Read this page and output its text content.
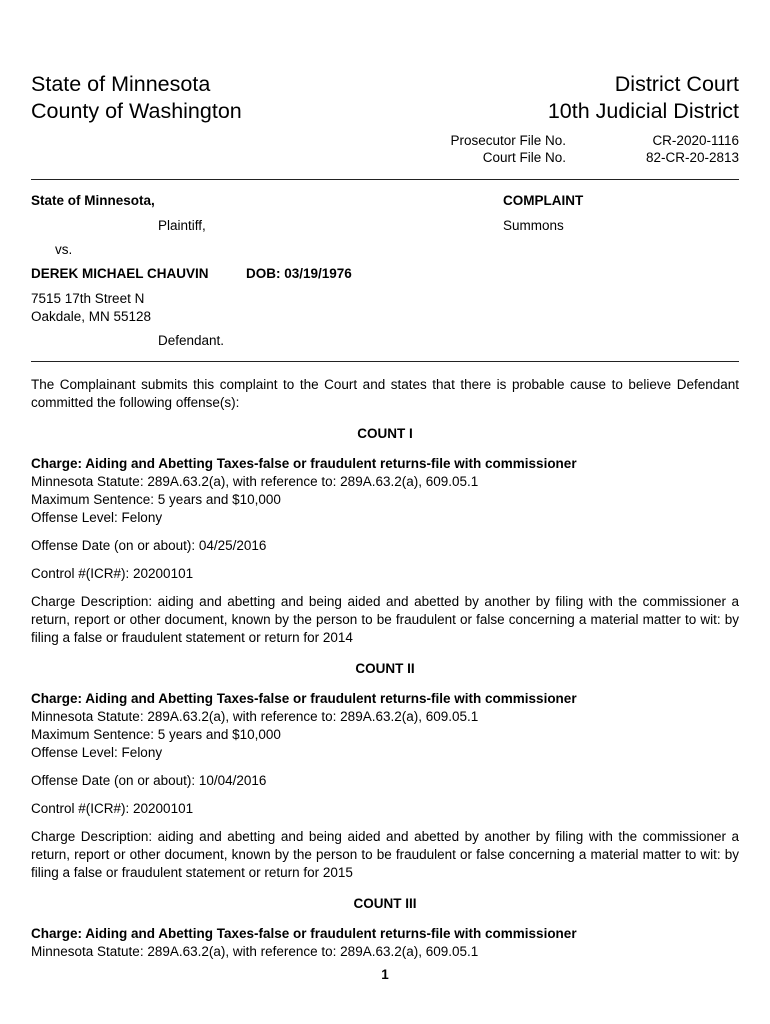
State of Minnesota
County of Washington
District Court
10th Judicial District
Prosecutor File No.	CR-2020-1116
Court File No.	82-CR-20-2813
State of Minnesota,
Plaintiff,
vs.
DEREK MICHAEL CHAUVIN	DOB: 03/19/1976
7515 17th Street N
Oakdale, MN 55128
Defendant.
COMPLAINT
Summons
The Complainant submits this complaint to the Court and states that there is probable cause to believe Defendant committed the following offense(s):
COUNT I
Charge: Aiding and Abetting Taxes-false or fraudulent returns-file with commissioner
Minnesota Statute: 289A.63.2(a), with reference to: 289A.63.2(a), 609.05.1
Maximum Sentence: 5 years and $10,000
Offense Level: Felony
Offense Date (on or about): 04/25/2016
Control #(ICR#): 20200101
Charge Description: aiding and abetting and being aided and abetted by another by filing with the commissioner a return, report or other document, known by the person to be fraudulent or false concerning a material matter to wit: by filing a false or fraudulent statement or return for 2014
COUNT II
Charge: Aiding and Abetting Taxes-false or fraudulent returns-file with commissioner
Minnesota Statute: 289A.63.2(a), with reference to: 289A.63.2(a), 609.05.1
Maximum Sentence: 5 years and $10,000
Offense Level: Felony
Offense Date (on or about): 10/04/2016
Control #(ICR#): 20200101
Charge Description: aiding and abetting and being aided and abetted by another by filing with the commissioner a return, report or other document, known by the person to be fraudulent or false concerning a material matter to wit: by filing a false or fraudulent statement or return for 2015
COUNT III
Charge: Aiding and Abetting Taxes-false or fraudulent returns-file with commissioner
Minnesota Statute: 289A.63.2(a), with reference to: 289A.63.2(a), 609.05.1
1
